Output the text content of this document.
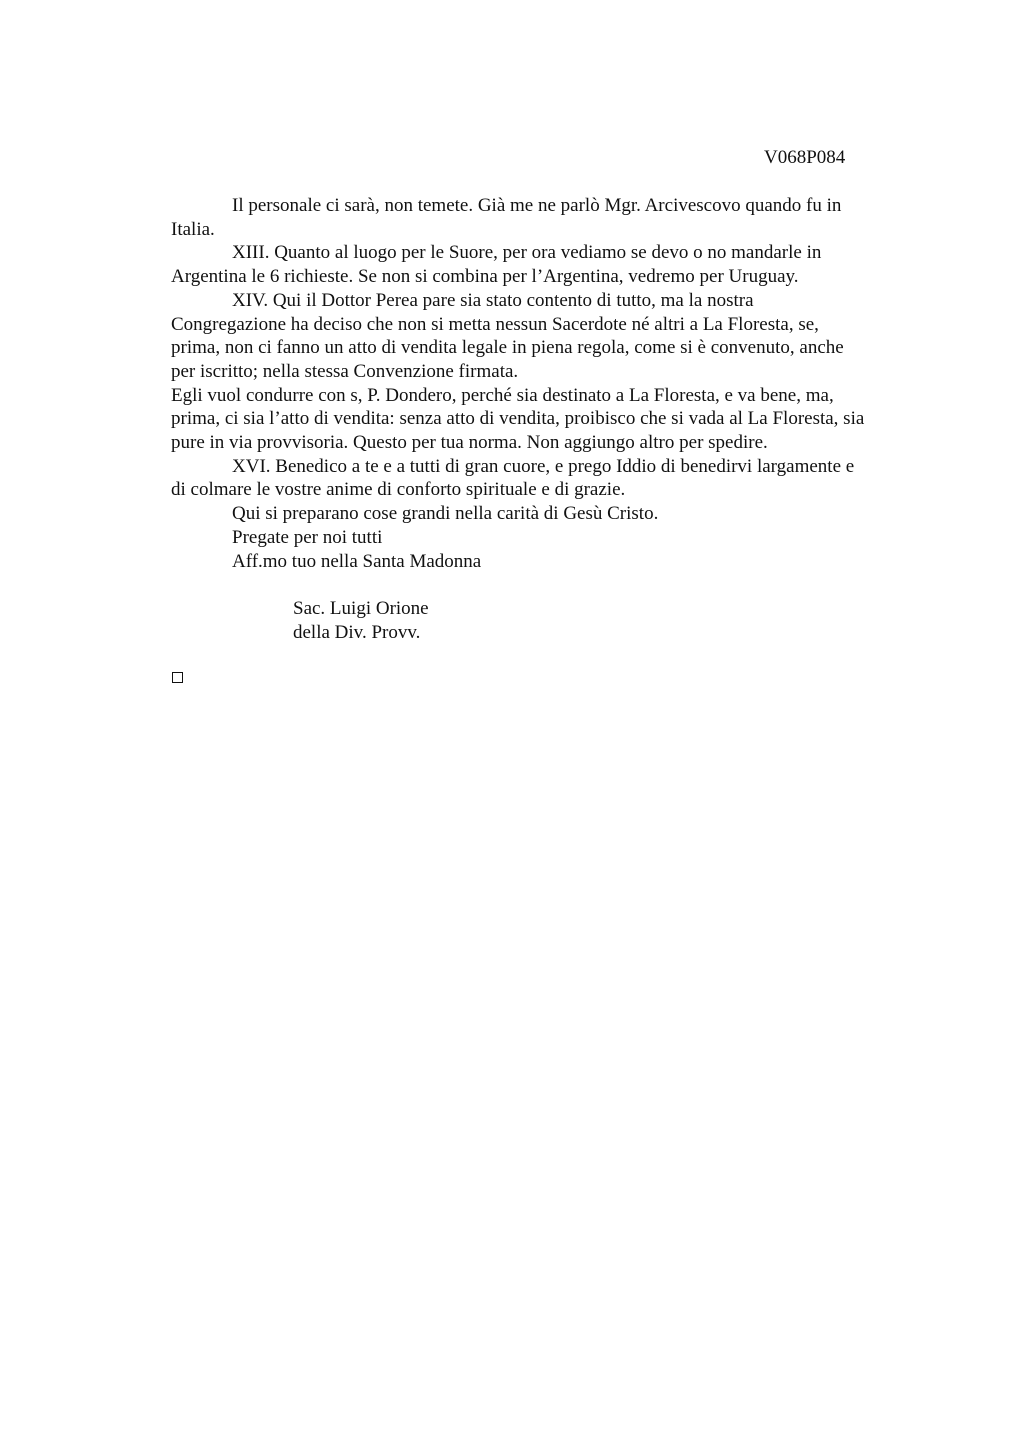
V068P084
Il personale ci sarà, non temete. Già me ne parlò Mgr. Arcivescovo quando fu in
Italia.
XIII. Quanto al luogo per le Suore, per ora vediamo se devo o no mandarle in
Argentina le 6 richieste. Se non si combina per l’Argentina, vedremo per Uruguay.
XIV. Qui il Dottor Perea pare sia stato contento di tutto, ma la nostra
Congregazione ha deciso che non si metta nessun Sacerdote né altri a La Floresta, se,
prima, non ci fanno un atto di vendita legale in piena regola, come si è convenuto, anche
per iscritto; nella stessa Convenzione firmata.
Egli vuol condurre con s, P. Dondero, perché sia destinato a La Floresta, e va bene, ma,
prima, ci sia l’atto di vendita: senza atto di vendita, proibisco che si vada al La Floresta, sia
pure in via provvisoria. Questo per tua norma. Non aggiungo altro per spedire.
XVI. Benedico a te e a tutti di gran cuore, e prego Iddio di benedirvi largamente e
di colmare le vostre anime di conforto spirituale e di grazie.
Qui si preparano cose grandi nella carità di Gesù Cristo.
Pregate per noi tutti
Aff.mo tuo nella Santa Madonna
Sac. Luigi Orione
della Div. Provv.
